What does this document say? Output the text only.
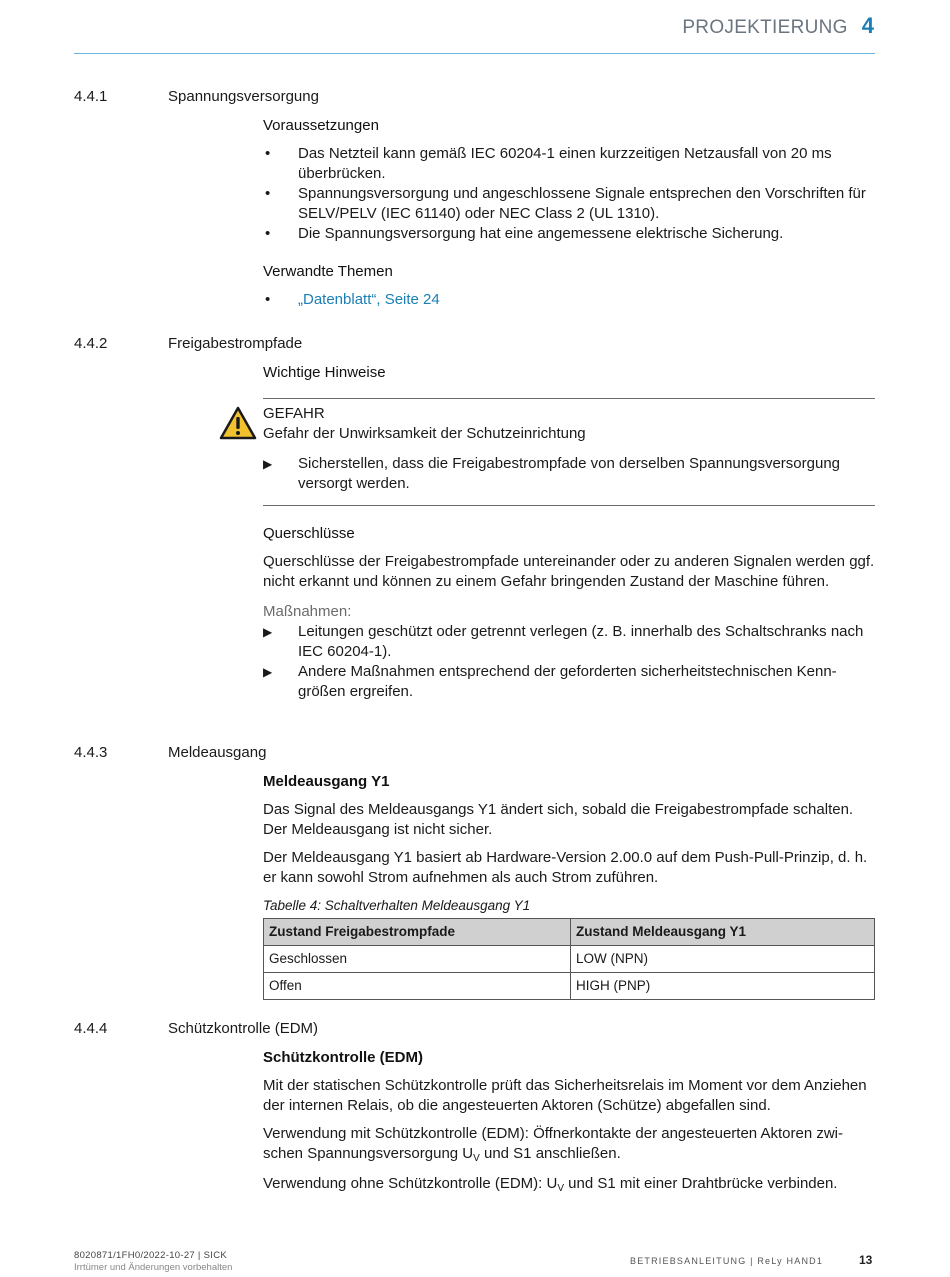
PROJEKTIERUNG 4
4.4.1	Spannungsversorgung
Voraussetzungen
• Das Netzteil kann gemäß IEC 60204-1 einen kurzzeitigen Netzausfall von 20 ms überbrücken.
• Spannungsversorgung und angeschlossene Signale entsprechen den Vorschriften für SELV/PELV (IEC 61140) oder NEC Class 2 (UL 1310).
• Die Spannungsversorgung hat eine angemessene elektrische Sicherung.
Verwandte Themen
• „Datenblatt“, Seite 24
4.4.2	Freigabestrompfade
Wichtige Hinweise
GEFAHR
Gefahr der Unwirksamkeit der Schutzeinrichtung
▶ Sicherstellen, dass die Freigabestrompfade von derselben Spannungsversorgung versorgt werden.
Querschlüsse
Querschlüsse der Freigabestrompfade untereinander oder zu anderen Signalen werden ggf. nicht erkannt und können zu einem Gefahr bringenden Zustand der Maschine führen.
Maßnahmen:
▶ Leitungen geschützt oder getrennt verlegen (z. B. innerhalb des Schaltschranks nach IEC 60204-1).
▶ Andere Maßnahmen entsprechend der geforderten sicherheitstechnischen Kenngrößen ergreifen.
4.4.3	Meldeausgang
Meldeausgang Y1
Das Signal des Meldeausgangs Y1 ändert sich, sobald die Freigabestrompfade schalten. Der Meldeausgang ist nicht sicher.
Der Meldeausgang Y1 basiert ab Hardware-Version 2.00.0 auf dem Push-Pull-Prinzip, d. h. er kann sowohl Strom aufnehmen als auch Strom zuführen.
Tabelle 4: Schaltverhalten Meldeausgang Y1
Zustand Freigabestrompfade	Zustand Meldeausgang Y1
Geschlossen	LOW (NPN)
Offen	HIGH (PNP)
4.4.4	Schützkontrolle (EDM)
Schützkontrolle (EDM)
Mit der statischen Schützkontrolle prüft das Sicherheitsrelais im Moment vor dem Anziehen der internen Relais, ob die angesteuerten Aktoren (Schütze) abgefallen sind.
Verwendung mit Schützkontrolle (EDM): Öffnerkontakte der angesteuerten Aktoren zwischen Spannungsversorgung $U_V$ und S1 anschließen.
Verwendung ohne Schützkontrolle (EDM): $U_V$ und S1 mit einer Drahtbrücke verbinden.
8020871/1FH0/2022-10-27 | SICK
Irrtümer und Änderungen vorbehalten
BETRIEBSANLEITUNG | ReLy HAND1	13
